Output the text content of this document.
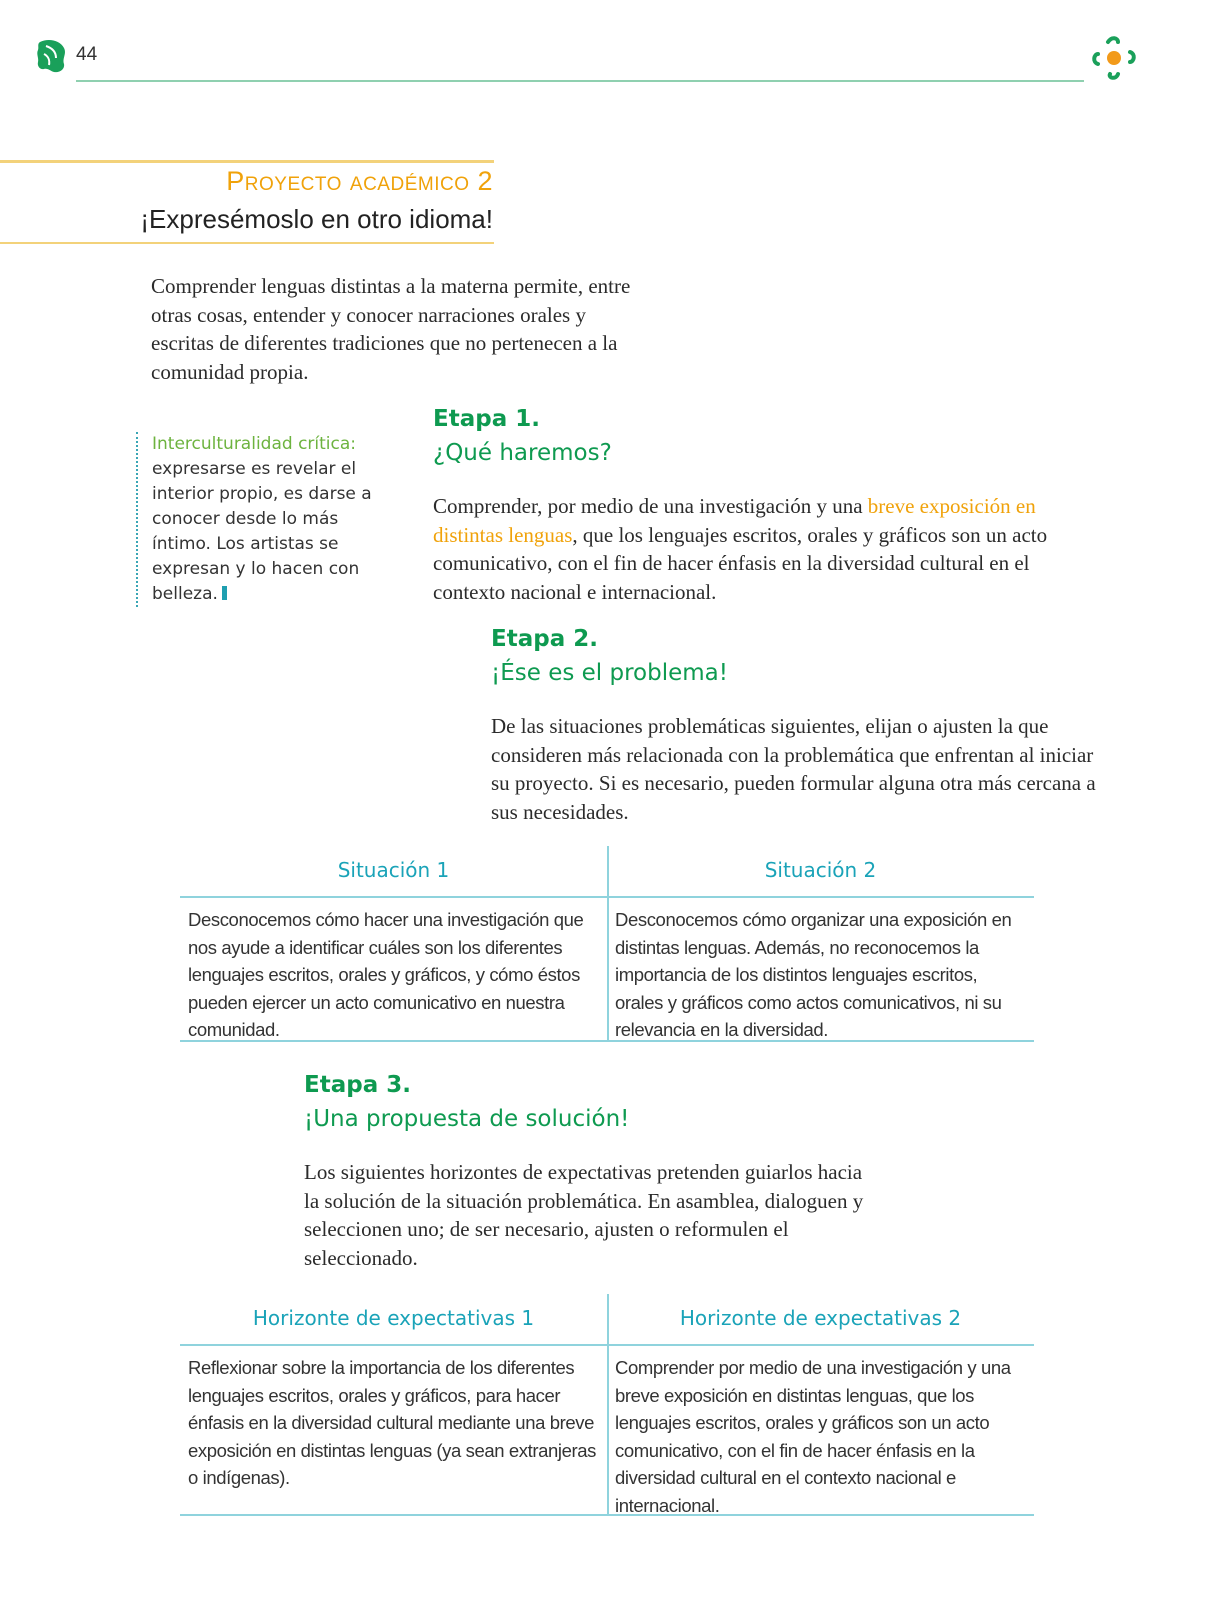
44
Proyecto académico 2
¡Expresémoslo en otro idioma!
Comprender lenguas distintas a la materna permite, entre otras cosas, entender y conocer narraciones orales y escritas de diferentes tradiciones que no pertenecen a la comunidad propia.
Interculturalidad crítica:
expresarse es revelar el interior propio, es darse a conocer desde lo más íntimo. Los artistas se expresan y lo hacen con belleza.
Etapa 1.
¿Qué haremos?
Comprender, por medio de una investigación y una breve exposición en distintas lenguas, que los lenguajes escritos, orales y gráficos son un acto comunicativo, con el fin de hacer énfasis en la diversidad cultural en el contexto nacional e internacional.
Etapa 2.
¡Ése es el problema!
De las situaciones problemáticas siguientes, elijan o ajusten la que consideren más relacionada con la problemática que enfrentan al iniciar su proyecto. Si es necesario, pueden formular alguna otra más cercana a sus necesidades.
Situación 1	Situación 2
Desconocemos cómo hacer una investigación que nos ayude a identificar cuáles son los diferentes lenguajes escritos, orales y gráficos, y cómo éstos pueden ejercer un acto comunicativo en nuestra comunidad.
Desconocemos cómo organizar una exposición en distintas lenguas. Además, no reconocemos la importancia de los distintos lenguajes escritos, orales y gráficos como actos comunicativos, ni su relevancia en la diversidad.
Etapa 3.
¡Una propuesta de solución!
Los siguientes horizontes de expectativas pretenden guiarlos hacia la solución de la situación problemática. En asamblea, dialoguen y seleccionen uno; de ser necesario, ajusten o reformulen el seleccionado.
Horizonte de expectativas 1	Horizonte de expectativas 2
Reflexionar sobre la importancia de los diferentes lenguajes escritos, orales y gráficos, para hacer énfasis en la diversidad cultural mediante una breve exposición en distintas lenguas (ya sean extranjeras o indígenas).
Comprender por medio de una investigación y una breve exposición en distintas lenguas, que los lenguajes escritos, orales y gráficos son un acto comunicativo, con el fin de hacer énfasis en la diversidad cultural en el contexto nacional e internacional.
